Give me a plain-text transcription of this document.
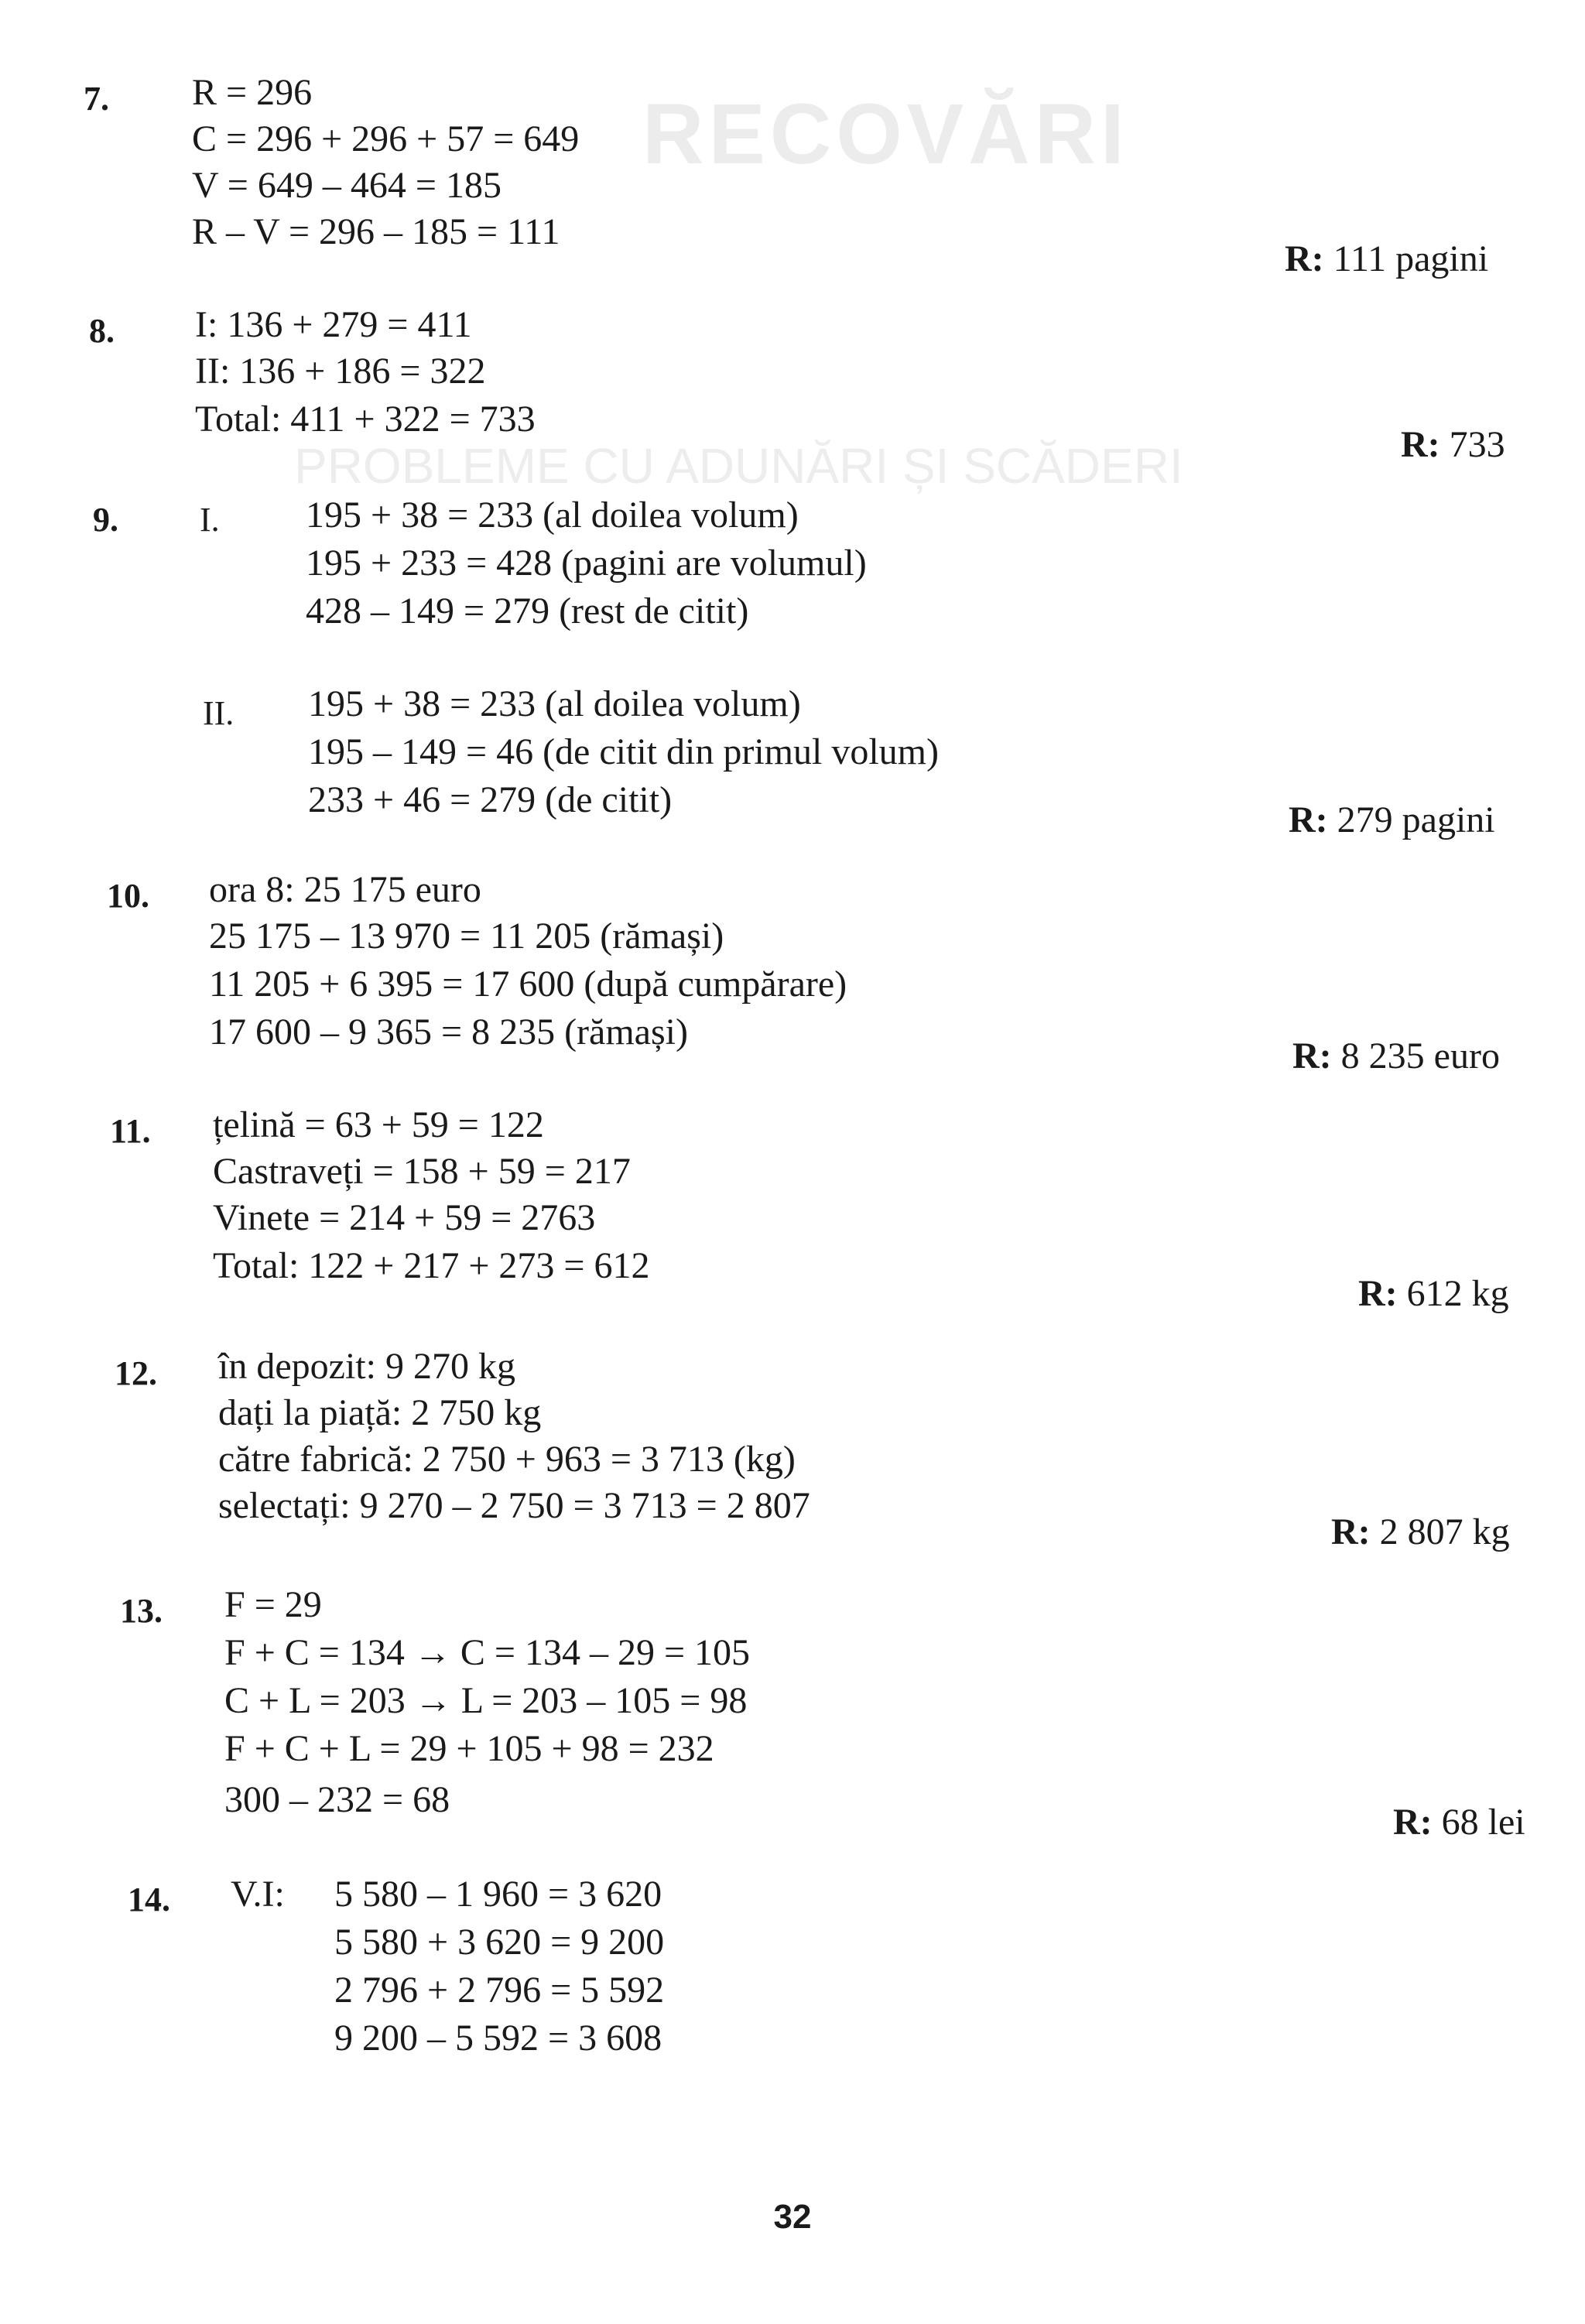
RECOVĂRI
PROBLEME CU ADUNĂRI ȘI SCĂDERI
7. R = 296
C = 296 + 296 + 57 = 649
V = 649 – 464 = 185
R – V = 296 – 185 = 111
R: 111 pagini
8. I: 136 + 279 = 411
II: 136 + 186 = 322
Total: 411 + 322 = 733
R: 733
9. I. 195 + 38 = 233 (al doilea volum)
195 + 233 = 428 (pagini are volumul)
428 – 149 = 279 (rest de citit)
II. 195 + 38 = 233 (al doilea volum)
195 – 149 = 46 (de citit din primul volum)
233 + 46 = 279 (de citit)	R: 279 pagini
10. ora 8: 25 175 euro
25 175 – 13 970 = 11 205 (rămași)
11 205 + 6 395 = 17 600 (după cumpărare)
17 600 – 9 365 = 8 235 (rămași)
R: 8 235 euro
11. țelină = 63 + 59 = 122
Castraveți = 158 + 59 = 217
Vinete = 214 + 59 = 2763
Total: 122 + 217 + 273 = 612
R: 612 kg
12. în depozit: 9 270 kg
dați la piață: 2 750 kg
către fabrică: 2 750 + 963 = 3 713 (kg)
selectați: 9 270 – 2 750 = 3 713 = 2 807
R: 2 807 kg
13. F = 29
F + C = 134 → C = 134 – 29 = 105
C + L = 203 → L = 203 – 105 = 98
F + C + L = 29 + 105 + 98 = 232
300 – 232 = 68
R: 68 lei
14. V.I: 5 580 – 1 960 = 3 620
5 580 + 3 620 = 9 200
2 796 + 2 796 = 5 592
9 200 – 5 592 = 3 608
32
